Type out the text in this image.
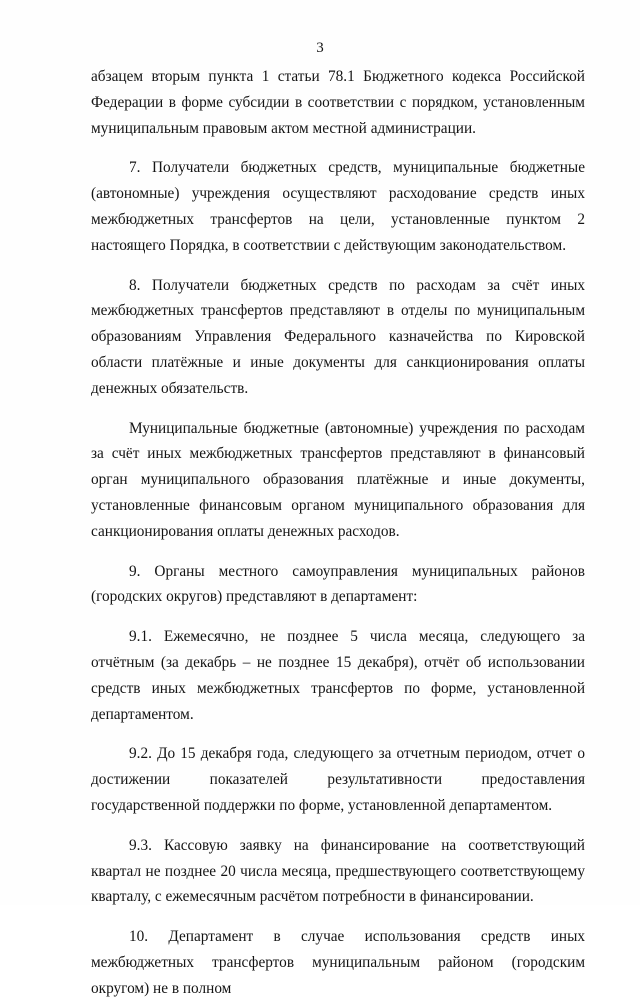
3

абзацем вторым пункта 1 статьи 78.1 Бюджетного кодекса Российской Федерации в форме субсидии в соответствии с порядком, установленным муниципальным правовым актом местной администрации.

7. Получатели бюджетных средств, муниципальные бюджетные (автономные) учреждения осуществляют расходование средств иных межбюджетных трансфертов на цели, установленные пунктом 2 настоящего Порядка, в соответствии с действующим законодательством.

8. Получатели бюджетных средств по расходам за счёт иных межбюджетных трансфертов представляют в отделы по муниципальным образованиям Управления Федерального казначейства по Кировской области платёжные и иные документы для санкционирования оплаты денежных обязательств.

Муниципальные бюджетные (автономные) учреждения по расходам за счёт иных межбюджетных трансфертов представляют в финансовый орган муниципального образования платёжные и иные документы, установленные финансовым органом муниципального образования для санкционирования оплаты денежных расходов.

9. Органы местного самоуправления муниципальных районов (городских округов) представляют в департамент:

9.1. Ежемесячно, не позднее 5 числа месяца, следующего за отчётным (за декабрь – не позднее 15 декабря), отчёт об использовании средств иных межбюджетных трансфертов по форме, установленной департаментом.

9.2. До 15 декабря года, следующего за отчетным периодом, отчет о достижении показателей результативности предоставления государственной поддержки по форме, установленной департаментом.

9.3. Кассовую заявку на финансирование на соответствующий квартал не позднее 20 числа месяца, предшествующего соответствующему кварталу, с ежемесячным расчётом потребности в финансировании.

10. Департамент в случае использования средств иных межбюджетных трансфертов муниципальным районом (городским округом) не в полном
